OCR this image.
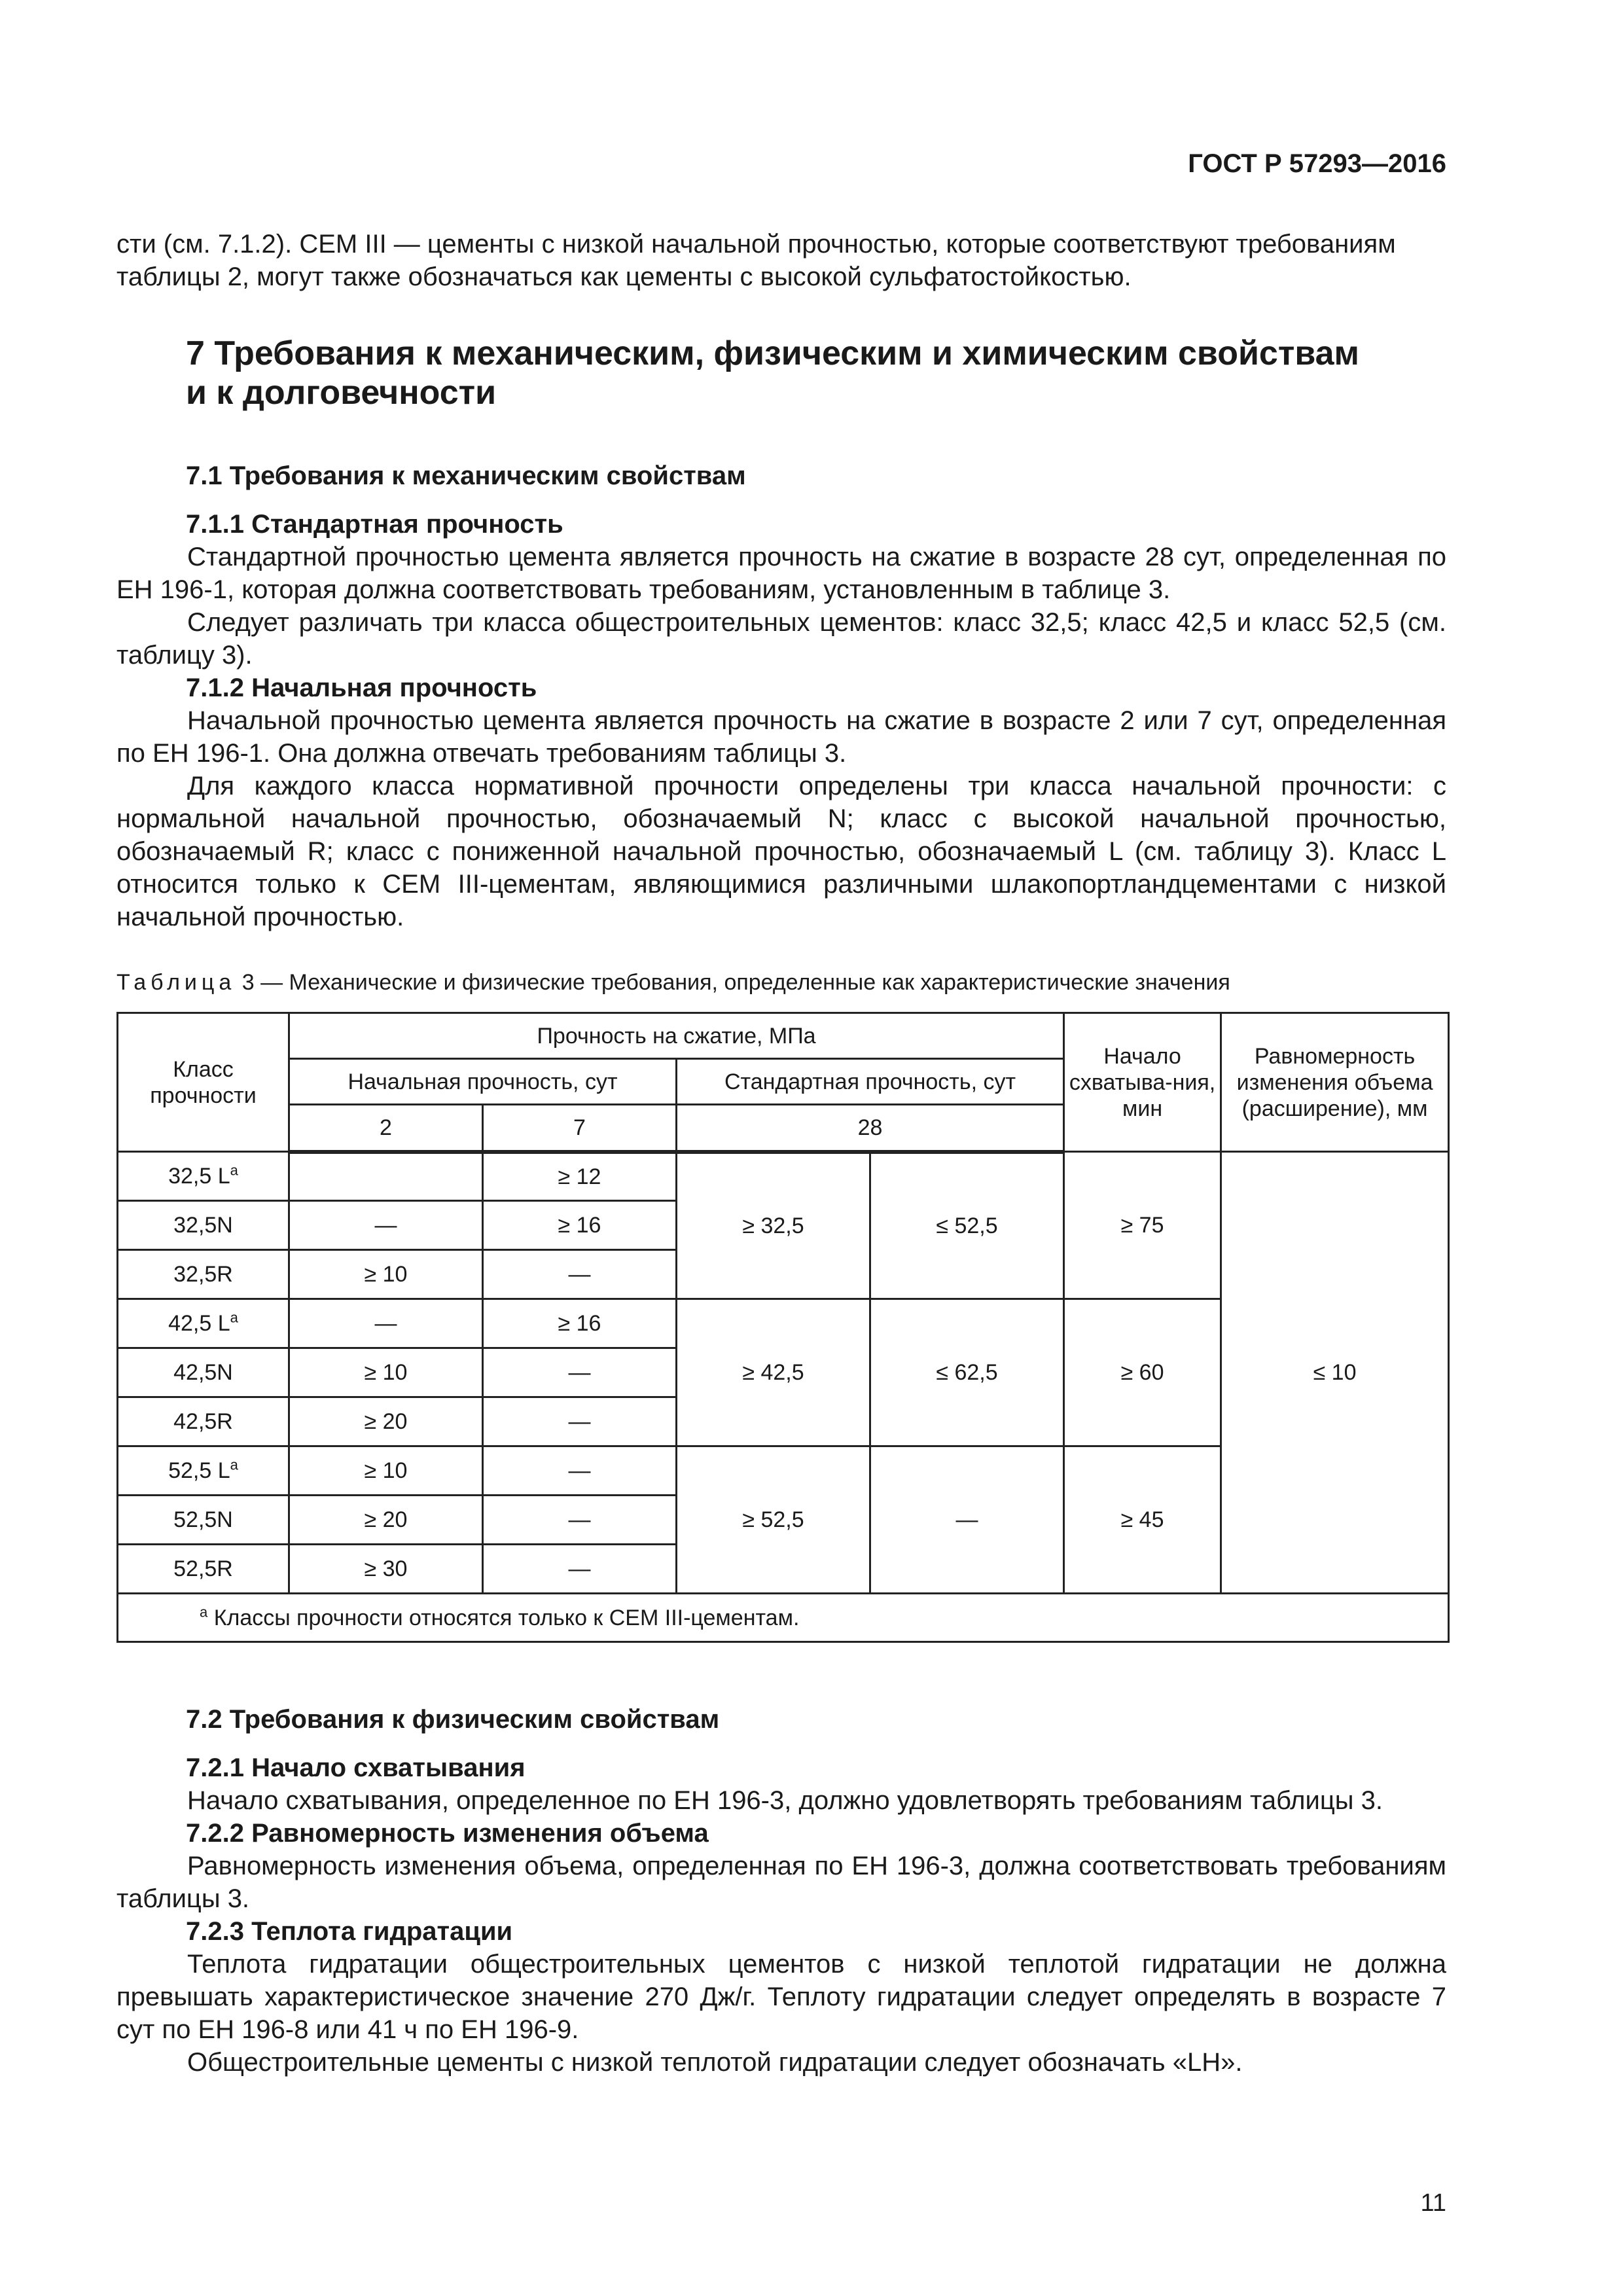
ГОСТ Р 57293—2016
сти (см. 7.1.2). CEM III — цементы с низкой начальной прочностью, которые соответствуют требованиям
таблицы 2, могут также обозначаться как цементы с высокой сульфатостойкостью.
7 Требования к механическим, физическим и химическим свойствам
и к долговечности
7.1 Требования к механическим свойствам
7.1.1 Стандартная прочность
Стандартной прочностью цемента является прочность на сжатие в возрасте 28 сут, определенная по ЕН 196-1, которая должна соответствовать требованиям, установленным в таблице 3.
Следует различать три класса общестроительных цементов: класс 32,5; класс 42,5 и класс 52,5 (см. таблицу 3).
7.1.2 Начальная прочность
Начальной прочностью цемента является прочность на сжатие в возрасте 2 или 7 сут, определенная по ЕН 196-1. Она должна отвечать требованиям таблицы 3.
Для каждого класса нормативной прочности определены три класса начальной прочности: с нормальной начальной прочностью, обозначаемый N; класс с высокой начальной прочностью, обозначаемый R; класс с пониженной начальной прочностью, обозначаемый L (см. таблицу 3). Класс L относится только к CEM III-цементам, являющимися различными шлакопортландцементами с низкой начальной прочностью.
Таблица 3 — Механические и физические требования, определенные как характеристические значения
Класс прочности	Прочность на сжатие, МПа				Начало схватыва-ния, мин	Равномерность изменения объема (расширение), мм
	Начальная прочность, сут		Стандартная прочность, сут			
	2	7	28			
32,5 $L^a$		≥ 12	≥ 32,5	≤ 52,5	≥ 75	≤ 10
32,5N	—	≥ 16				
32,5R	≥ 10	—				
42,5 $L^a$	—	≥ 16	≥ 42,5	≤ 62,5	≥ 60	
42,5N	≥ 10	—				
42,5R	≥ 20	—				
52,5 $L^a$	≥ 10	—	≥ 52,5	—	≥ 45	
52,5N	≥ 20	—				
52,5R	≥ 30	—				
$^a$ Классы прочности относятся только к CEM III-цементам.						
7.2 Требования к физическим свойствам
7.2.1 Начало схватывания
Начало схватывания, определенное по ЕН 196-3, должно удовлетворять требованиям таблицы 3.
7.2.2 Равномерность изменения объема
Равномерность изменения объема, определенная по ЕН 196-3, должна соответствовать требованиям таблицы 3.
7.2.3 Теплота гидратации
Теплота гидратации общестроительных цементов с низкой теплотой гидратации не должна превышать характеристическое значение 270 Дж/г. Теплоту гидратации следует определять в возрасте 7 сут по ЕН 196-8 или 41 ч по ЕН 196-9.
Общестроительные цементы с низкой теплотой гидратации следует обозначать «LH».
11
